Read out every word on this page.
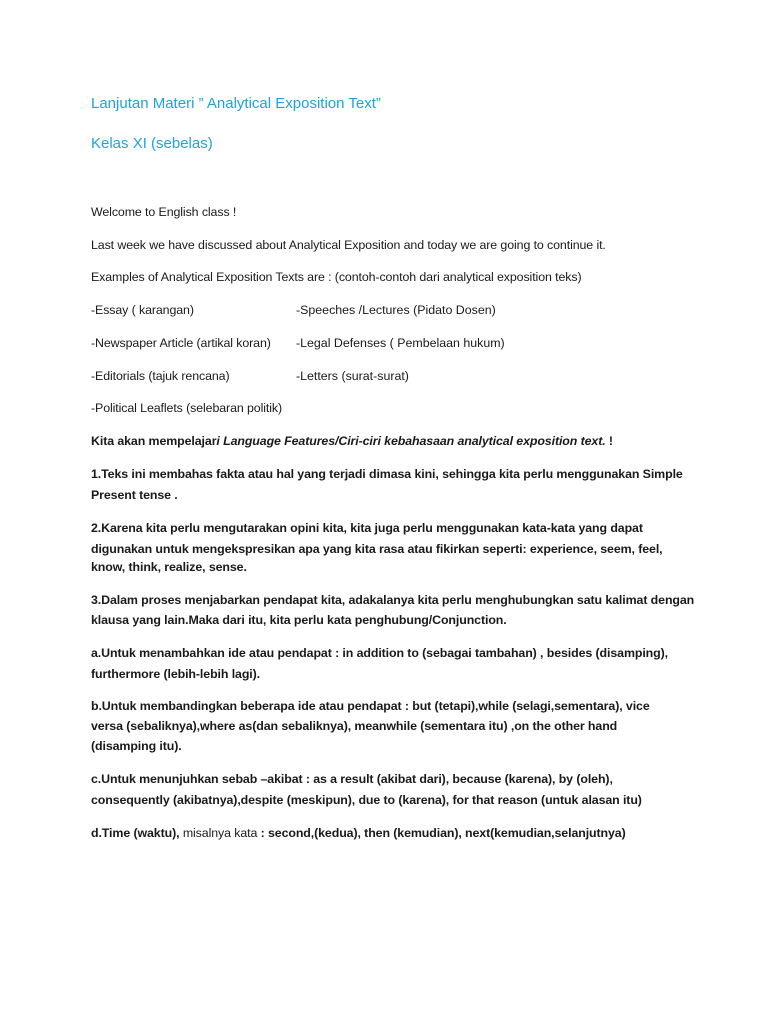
Lanjutan Materi ” Analytical Exposition Text”
Kelas XI (sebelas)
Welcome to English class !
Last week we have discussed about Analytical Exposition and today we are going to continue it.
Examples of Analytical Exposition Texts are : (contoh-contoh dari analytical exposition teks)
-Essay ( karangan)	-Speeches /Lectures (Pidato Dosen)
-Newspaper Article (artikal koran) -Legal Defenses ( Pembelaan hukum)
-Editorials (tajuk rencana)	-Letters (surat-surat)
-Political Leaflets (selebaran politik)
Kita akan mempelajari Language Features/Ciri-ciri kebahasaan analytical exposition text. !
1.Teks ini membahas fakta atau hal yang terjadi dimasa kini, sehingga kita perlu menggunakan Simple
Present tense .
2.Karena kita perlu mengutarakan opini kita, kita juga perlu menggunakan kata-kata yang dapat
digunakan untuk mengekspresikan apa yang kita rasa atau fikirkan seperti: experience, seem, feel,
know, think, realize, sense.
3.Dalam proses menjabarkan pendapat kita, adakalanya kita perlu menghubungkan satu kalimat dengan
klausa yang lain.Maka dari itu, kita perlu kata penghubung/Conjunction.
a.Untuk menambahkan ide atau pendapat : in addition to (sebagai tambahan) , besides (disamping),
furthermore (lebih-lebih lagi).
b.Untuk membandingkan beberapa ide atau pendapat : but (tetapi),while (selagi,sementara), vice
versa (sebaliknya),where as(dan sebaliknya), meanwhile (sementara itu) ,on the other hand
(disamping itu).
c.Untuk menunjuhkan sebab –akibat : as a result (akibat dari), because (karena), by (oleh),
consequently (akibatnya),despite (meskipun), due to (karena), for that reason (untuk alasan itu)
d.Time (waktu), misalnya kata : second,(kedua), then (kemudian), next(kemudian,selanjutnya)
